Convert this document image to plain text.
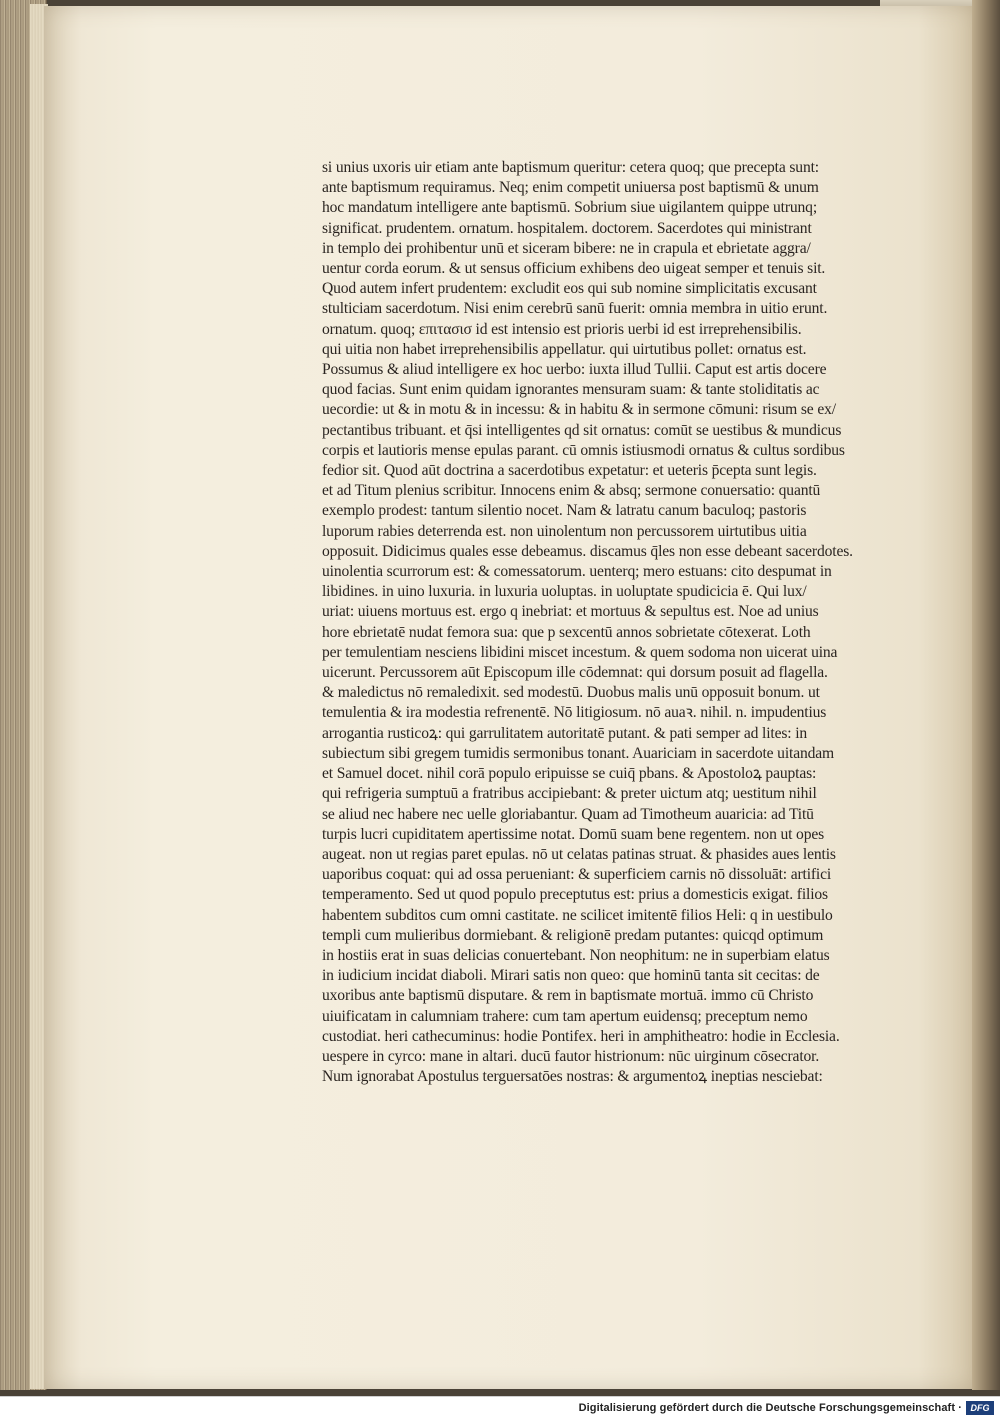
si unius uxoris uir etiam ante baptismum queritur: cetera quoq; que precepta sunt:
ante baptismum requiramus. Neq; enim competit uniuersa post baptismū & unum
hoc mandatum intelligere ante baptismū. Sobrium siue uigilantem quippe utrunq;
significat. prudentem. ornatum. hospitalem. doctorem. Sacerdotes qui ministrant
in templo dei prohibentur unū et siceram bibere: ne in crapula et ebrietate aggra/
uentur corda eorum. & ut sensus officium exhibens deo uigeat semper et tenuis sit.
Quod autem infert prudentem: excludit eos qui sub nomine simplicitatis excusant
stulticiam sacerdotum. Nisi enim cerebrū sanū fuerit: omnia membra in uitio erunt.
ornatum. quoq; επιτασισ id est intensio est prioris uerbi id est irreprehensibilis.
qui uitia non habet irreprehensibilis appellatur. qui uirtutibus pollet: ornatus est.
Possumus & aliud intelligere ex hoc uerbo: iuxta illud Tullii. Caput est artis docere
quod facias. Sunt enim quidam ignorantes mensuram suam: & tante stoliditatis ac
uecordie: ut & in motu & in incessu: & in habitu & in sermone cōmuni: risum se ex/
pectantibus tribuant. et q̄si intelligentes qd sit ornatus: comūt se uestibus & mundicus
corpis et lautioris mense epulas parant. cū omnis istiusmodi ornatus & cultus sordibus
fedior sit. Quod aūt doctrina a sacerdotibus expetatur: et ueteris p̄cepta sunt legis.
et ad Titum plenius scribitur. Innocens enim & absq; sermone conuersatio: quantū
exemplo prodest: tantum silentio nocet. Nam & latratu canum baculoq; pastoris
luporum rabies deterrenda est. non uinolentum non percussorem uirtutibus uitia
opposuit. Didicimus quales esse debeamus. discamus q̄les non esse debeant sacerdotes.
uinolentia scurrorum est: & comessatorum. uenterq; mero estuans: cito despumat in
libidines. in uino luxuria. in luxuria uoluptas. in uoluptate spudicicia ē. Qui lux/
uriat: uiuens mortuus est. ergo q inebriat: et mortuus & sepultus est. Noe ad unius
hore ebrietatē nudat femora sua: que p sexcentū annos sobrietate cōtexerat. Loth
per temulentiam nesciens libidini miscet incestum. & quem sodoma non uicerat uina
uicerunt. Percussorem aūt Episcopum ille cōdemnat: qui dorsum posuit ad flagella.
& maledictus nō remaledixit. sed modestū. Duobus malis unū opposuit bonum. ut
temulentia & ira modestia refrenentē. Nō litigiosum. nō auaꝛ. nihil. n. impudentius
arrogantia rusticoꝝ: qui garrulitatem autoritatē putant. & pati semper ad lites: in
subiectum sibi gregem tumidis sermonibus tonant. Auariciam in sacerdote uitandam
et Samuel docet. nihil corā populo eripuisse se cuiq̄ pbans. & Apostoloꝝ pauptas:
qui refrigeria sumptuū a fratribus accipiebant: & preter uictum atq; uestitum nihil
se aliud nec habere nec uelle gloriabantur. Quam ad Timotheum auaricia: ad Titū
turpis lucri cupiditatem apertissime notat. Domū suam bene regentem. non ut opes
augeat. non ut regias paret epulas. nō ut celatas patinas struat. & phasides aues lentis
uaporibus coquat: qui ad ossa perueniant: & superficiem carnis nō dissoluāt: artifici
temperamento. Sed ut quod populo preceptutus est: prius a domesticis exigat. filios
habentem subditos cum omni castitate. ne scilicet imitentē filios Heli: q in uestibulo
templi cum mulieribus dormiebant. & religionē predam putantes: quicqd optimum
in hostiis erat in suas delicias conuertebant. Non neophitum: ne in superbiam elatus
in iudicium incidat diaboli. Mirari satis non queo: que hominū tanta sit cecitas: de
uxoribus ante baptismū disputare. & rem in baptismate mortuā. immo cū Christo
uiuificatam in calumniam trahere: cum tam apertum euidensq; preceptum nemo
custodiat. heri cathecuminus: hodie Pontifex. heri in amphitheatro: hodie in Ecclesia.
uespere in cyrco: mane in altari. ducū fautor histrionum: nūc uirginum cōsecrator.
Num ignorabat Apostulus terguersatōes nostras: & argumentoꝝ ineptias nesciebat:
Digitalisierung gefördert durch die Deutsche Forschungsgemeinschaft · DFG
